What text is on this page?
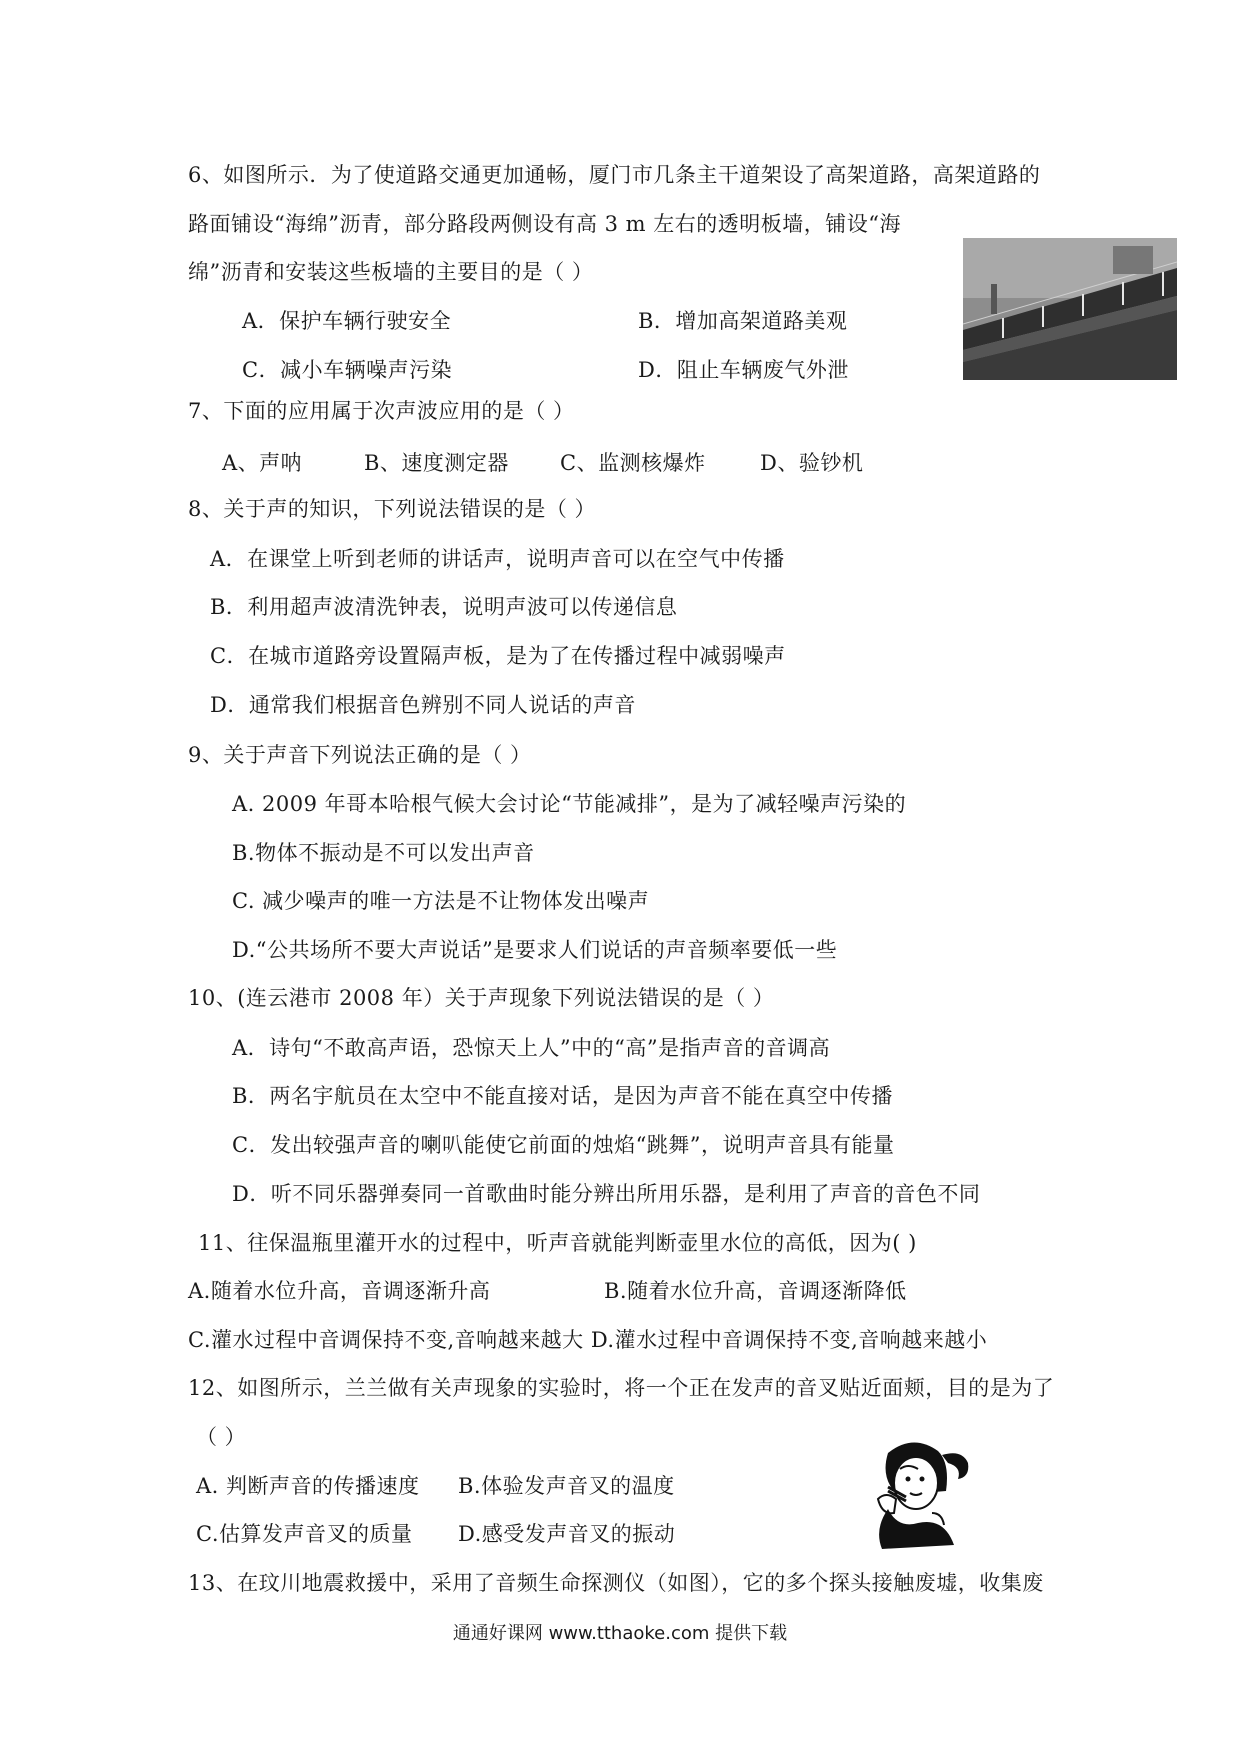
6、如图所示．为了使道路交通更加通畅，厦门市几条主干道架设了高架道路，高架道路的
路面铺设“海绵”沥青，部分路段两侧设有高 3 m 左右的透明板墙，铺设“海
绵”沥青和安装这些板墙的主要目的是（ ）
A．保护车辆行驶安全	B．增加高架道路美观
C．减小车辆噪声污染	D．阻止车辆废气外泄
7、下面的应用属于次声波应用的是（ ）
A、声呐	B、速度测定器 C、监测核爆炸	D、验钞机
8、关于声的知识，下列说法错误的是（ ）
A．在课堂上听到老师的讲话声，说明声音可以在空气中传播
B．利用超声波清洗钟表，说明声波可以传递信息
C．在城市道路旁设置隔声板，是为了在传播过程中减弱噪声
D．通常我们根据音色辨别不同人说话的声音
9、关于声音下列说法正确的是（ ）
A. 2009 年哥本哈根气候大会讨论“节能减排”，是为了减轻噪声污染的
B.物体不振动是不可以发出声音
C. 减少噪声的唯一方法是不让物体发出噪声
D.“公共场所不要大声说话”是要求人们说话的声音频率要低一些
10、(连云港市 2008 年）关于声现象下列说法错误的是（ ）
A．诗句“不敢高声语，恐惊天上人”中的“高”是指声音的音调高
B．两名宇航员在太空中不能直接对话，是因为声音不能在真空中传播
C．发出较强声音的喇叭能使它前面的烛焰“跳舞”，说明声音具有能量
D．听不同乐器弹奏同一首歌曲时能分辨出所用乐器，是利用了声音的音色不同
11、往保温瓶里灌开水的过程中，听声音就能判断壶里水位的高低，因为( )
A.随着水位升高，音调逐渐升高	B.随着水位升高，音调逐渐降低
C.灌水过程中音调保持不变,音响越来越大 D.灌水过程中音调保持不变,音响越来越小
12、如图所示，兰兰做有关声现象的实验时，将一个正在发声的音叉贴近面颊，目的是为了
（ ）
A. 判断声音的传播速度 B.体验发声音叉的温度
C.估算发声音叉的质量 D.感受发声音叉的振动
13、在玟川地震救援中，采用了音频生命探测仪（如图），它的多个探头接触废墟，收集废
通通好课网 www.tthaoke.com 提供下载
